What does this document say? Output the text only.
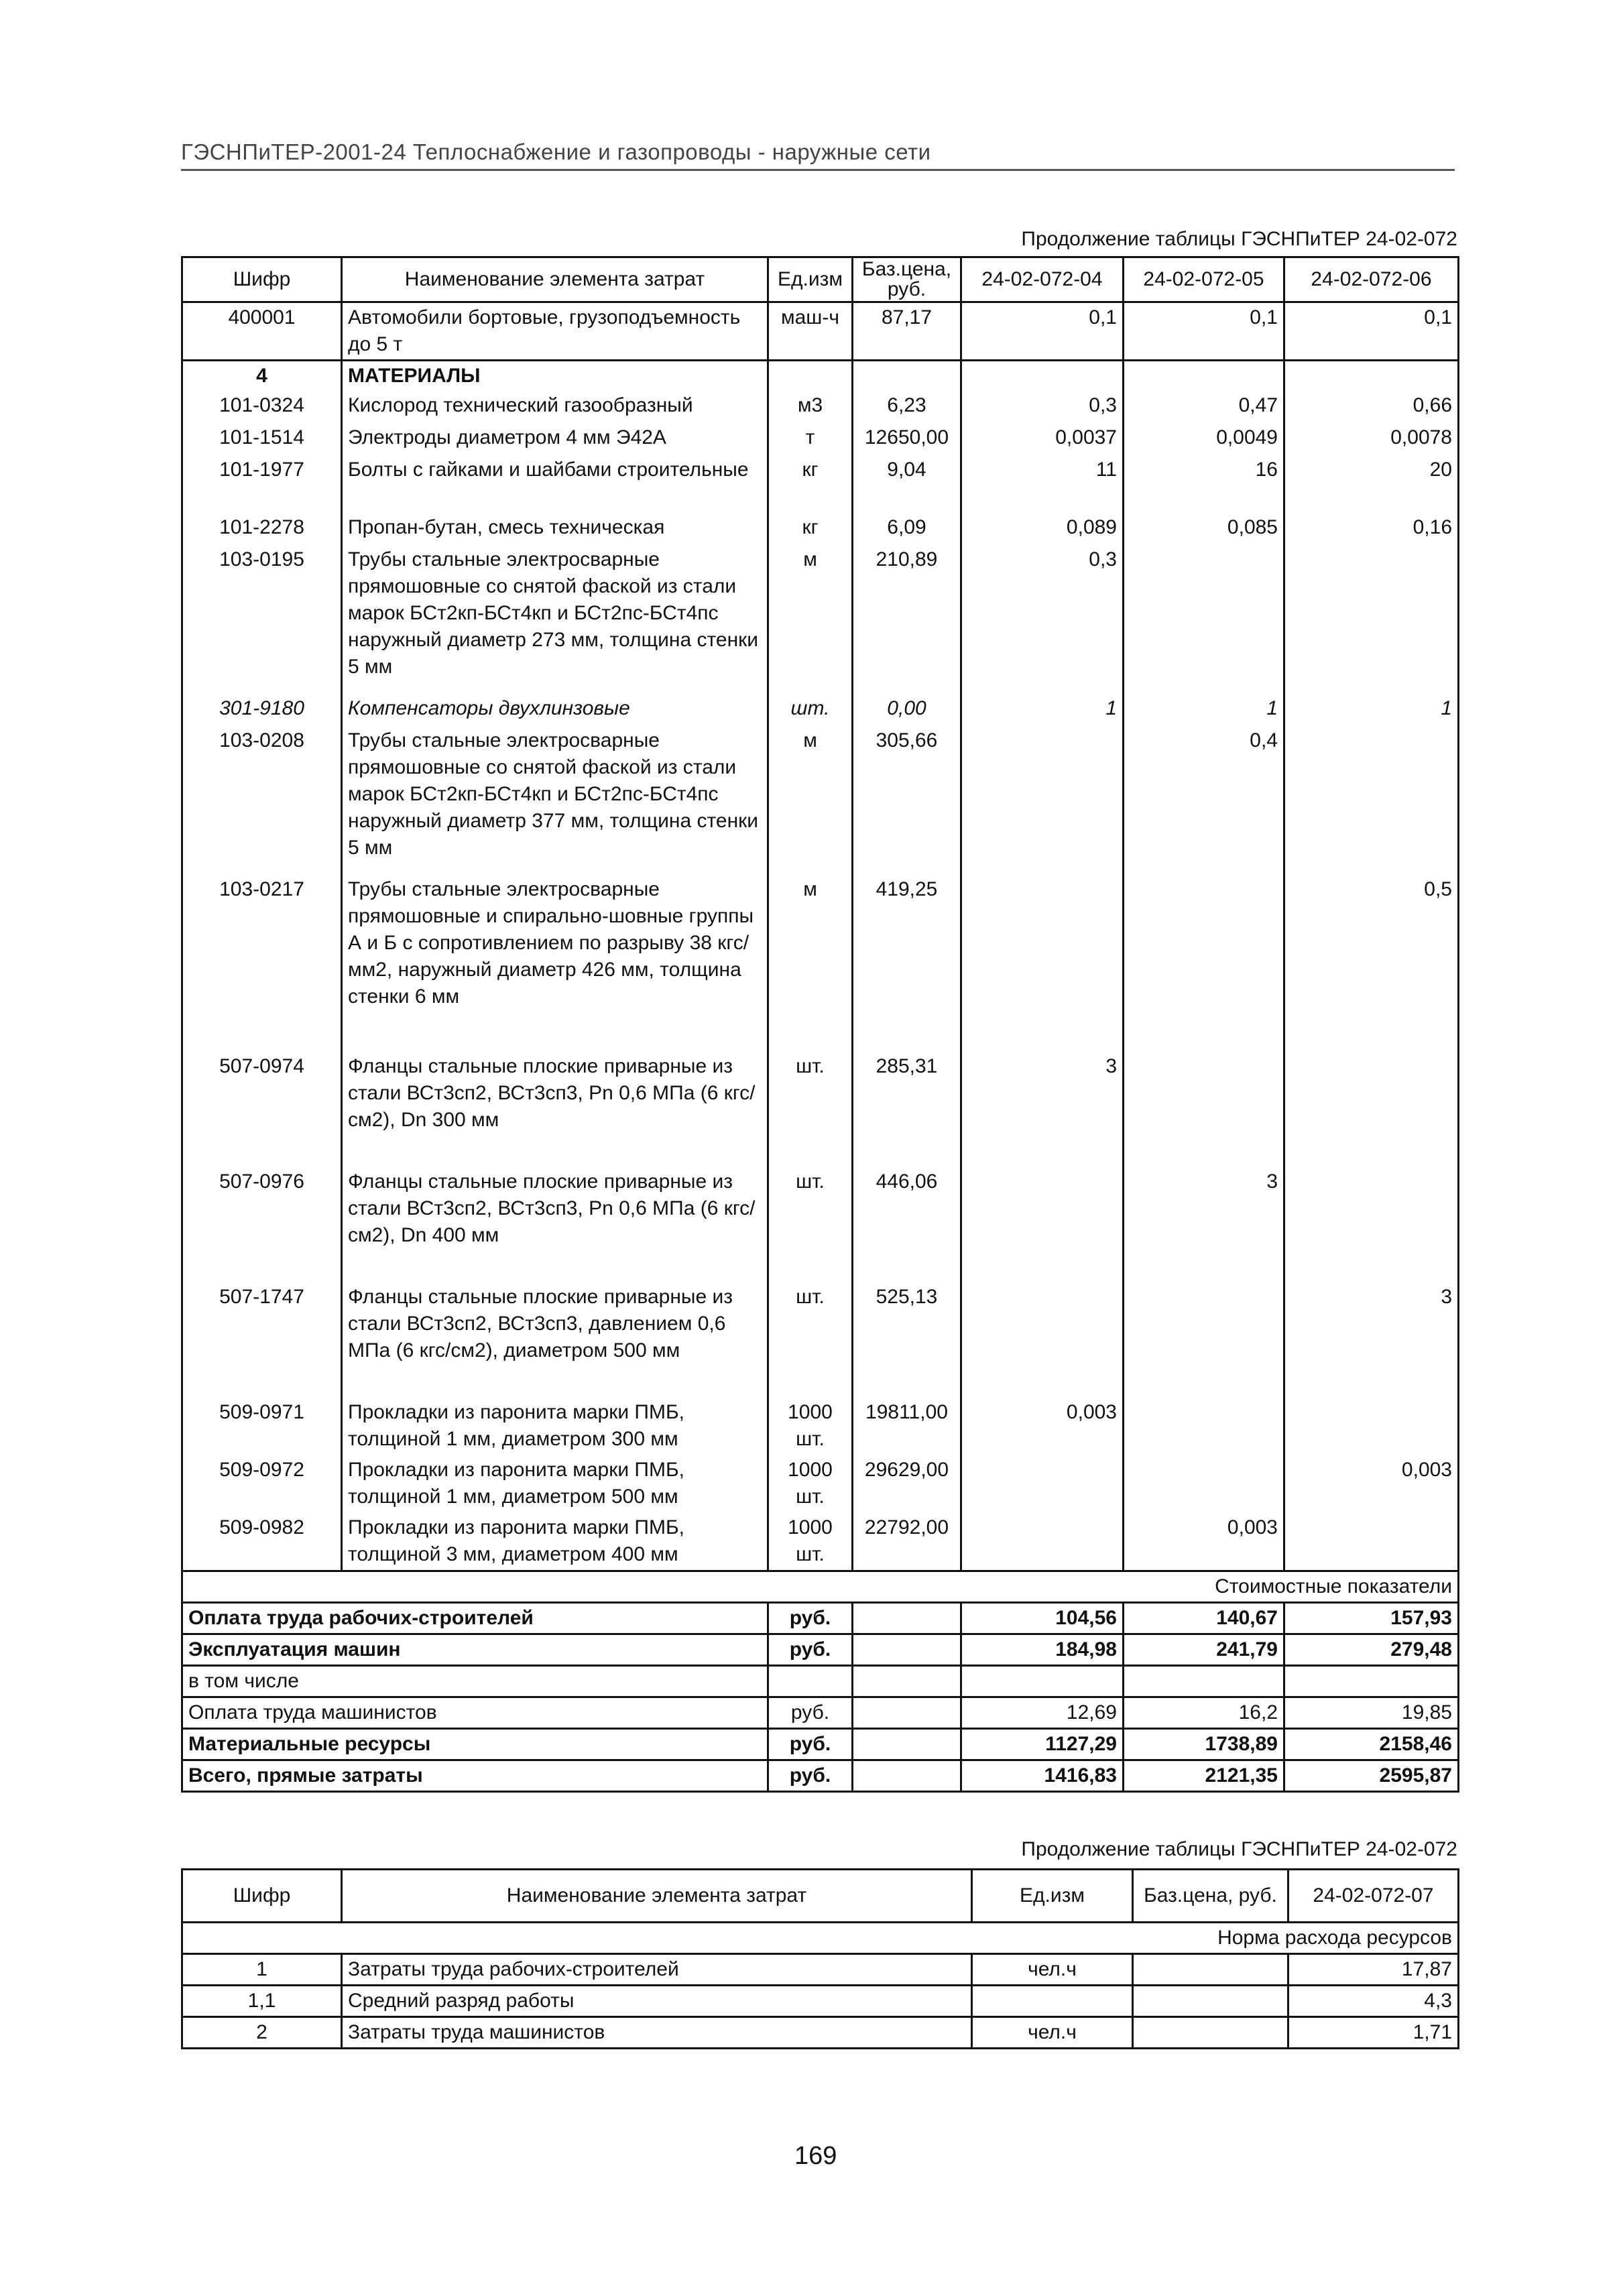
ГЭСНПиТЕР-2001-24 Теплоснабжение и газопроводы - наружные сети
Продолжение таблицы ГЭСНПиТЕР 24-02-072
Шифр	Наименование элемента затрат	Ед.изм	Баз.цена, руб.	24-02-072-04	24-02-072-05	24-02-072-06
400001	Автомобили бортовые, грузоподъемность до 5 т	маш-ч	87,17	0,1	0,1	0,1
4	МАТЕРИАЛЫ					
101-0324	Кислород технический газообразный	м3	6,23	0,3	0,47	0,66
101-1514	Электроды диаметром 4 мм Э42А	т	12650,00	0,0037	0,0049	0,0078
101-1977	Болты с гайками и шайбами строительные	кг	9,04	11	16	20
101-2278	Пропан-бутан, смесь техническая	кг	6,09	0,089	0,085	0,16
103-0195	Трубы стальные электросварные прямошовные со снятой фаской из стали марок БСт2кп-БСт4кп и БСт2пс-БСт4пс наружный диаметр 273 мм, толщина стенки 5 мм	м	210,89	0,3		
301-9180	Компенсаторы двухлинзовые	шт.	0,00	1	1	1
103-0208	Трубы стальные электросварные прямошовные со снятой фаской из стали марок БСт2кп-БСт4кп и БСт2пс-БСт4пс наружный диаметр 377 мм, толщина стенки 5 мм	м	305,66		0,4	
103-0217	Трубы стальные электросварные прямошовные и спирально-шовные группы А и Б с сопротивлением по разрыву 38 кгс/мм2, наружный диаметр 426 мм, толщина стенки 6 мм	м	419,25			0,5
507-0974	Фланцы стальные плоские приварные из стали ВСт3сп2, ВСт3сп3, Pn 0,6 МПа (6 кгс/см2), Dn 300 мм	шт.	285,31	3		
507-0976	Фланцы стальные плоские приварные из стали ВСт3сп2, ВСт3сп3, Pn 0,6 МПа (6 кгс/см2), Dn 400 мм	шт.	446,06		3	
507-1747	Фланцы стальные плоские приварные из стали ВСт3сп2, ВСт3сп3, давлением 0,6 МПа (6 кгс/см2), диаметром 500 мм	шт.	525,13			3
509-0971	Прокладки из паронита марки ПМБ, толщиной 1 мм, диаметром 300 мм	1000 шт.	19811,00	0,003		
509-0972	Прокладки из паронита марки ПМБ, толщиной 1 мм, диаметром 500 мм	1000 шт.	29629,00			0,003
509-0982	Прокладки из паронита марки ПМБ, толщиной 3 мм, диаметром 400 мм	1000 шт.	22792,00		0,003	
Стоимостные показатели						
Оплата труда рабочих-строителей		руб.		104,56	140,67	157,93
Эксплуатация машин		руб.		184,98	241,79	279,48
в том числе						
Оплата труда машинистов		руб.		12,69	16,2	19,85
Материальные ресурсы		руб.		1127,29	1738,89	2158,46
Всего, прямые затраты		руб.		1416,83	2121,35	2595,87
Продолжение таблицы ГЭСНПиТЕР 24-02-072
Шифр	Наименование элемента затрат	Ед.изм	Баз.цена, руб.	24-02-072-07
Норма расхода ресурсов				
1	Затраты труда рабочих-строителей	чел.ч		17,87
1,1	Средний разряд работы			4,3
2	Затраты труда машинистов	чел.ч		1,71
169
